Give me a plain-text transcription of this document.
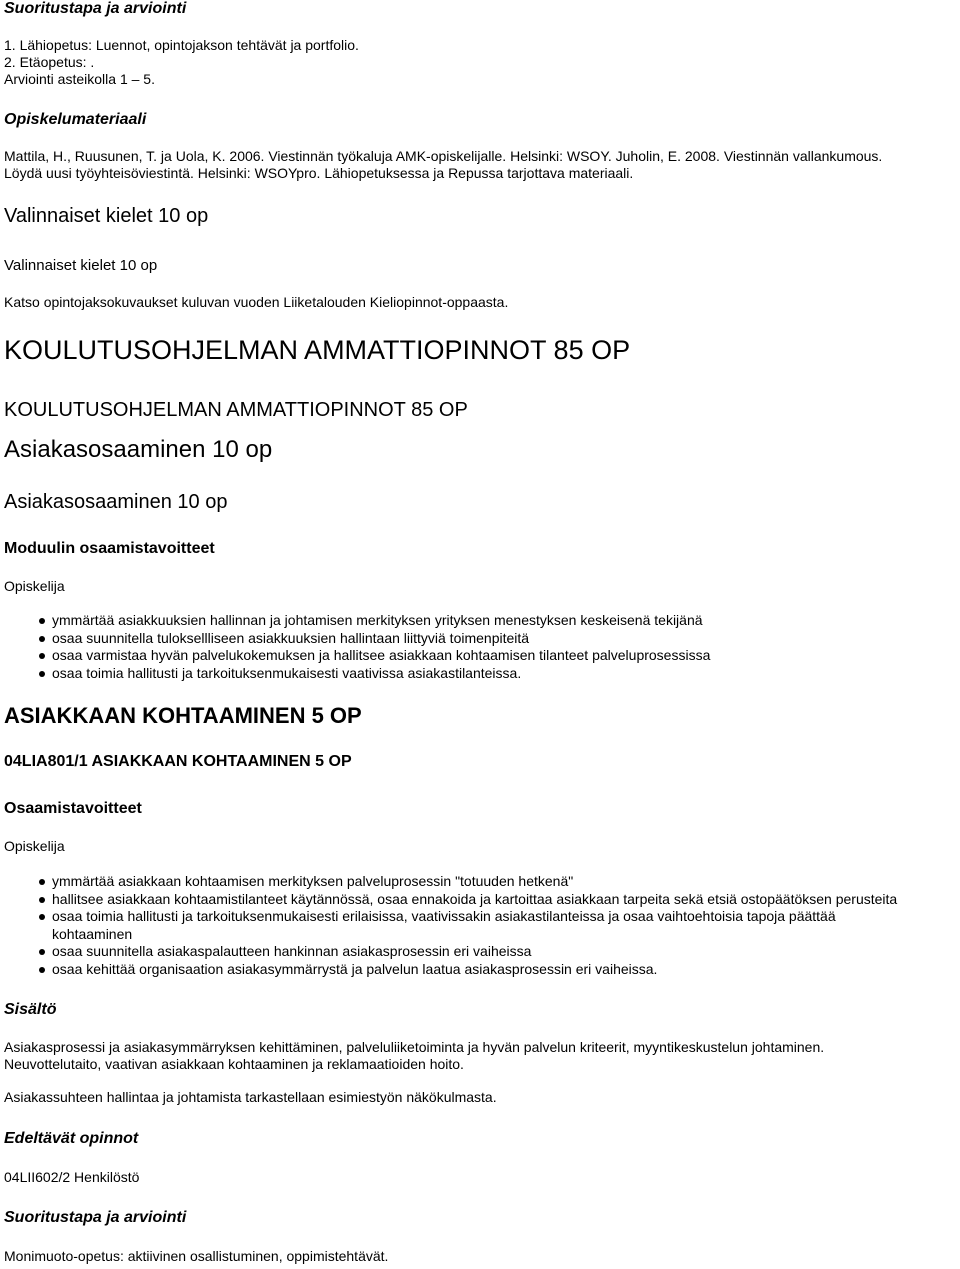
Suoritustapa ja arviointi
1. Lähiopetus: Luennot, opintojakson tehtävät ja portfolio.
2. Etäopetus: .
Arviointi asteikolla 1 – 5.
Opiskelumateriaali
Mattila, H., Ruusunen, T. ja Uola, K. 2006. Viestinnän työkaluja AMK-opiskelijalle. Helsinki: WSOY. Juholin, E. 2008. Viestinnän vallankumous.
Löydä uusi työyhteisöviestintä. Helsinki: WSOYpro. Lähiopetuksessa ja Repussa tarjottava materiaali.
Valinnaiset kielet 10 op
Valinnaiset kielet 10 op
Katso opintojaksokuvaukset kuluvan vuoden Liiketalouden Kieliopinnot-oppaasta.
KOULUTUSOHJELMAN AMMATTIOPINNOT 85 OP
KOULUTUSOHJELMAN AMMATTIOPINNOT 85 OP
Asiakasosaaminen 10 op
Asiakasosaaminen 10 op
Moduulin osaamistavoitteet
Opiskelija
ymmärtää asiakkuuksien hallinnan ja johtamisen merkityksen yrityksen menestyksen keskeisenä tekijänä
osaa suunnitella tuloksellliseen asiakkuuksien hallintaan liittyviä toimenpiteitä
osaa varmistaa hyvän palvelukokemuksen ja hallitsee asiakkaan kohtaamisen tilanteet palveluprosessissa
osaa toimia hallitusti ja tarkoituksenmukaisesti vaativissa asiakastilanteissa.
ASIAKKAAN KOHTAAMINEN 5 OP
04LIA801/1 ASIAKKAAN KOHTAAMINEN 5 OP
Osaamistavoitteet
Opiskelija
ymmärtää asiakkaan kohtaamisen merkityksen palveluprosessin "totuuden hetkenä"
hallitsee asiakkaan kohtaamistilanteet käytännössä, osaa ennakoida ja kartoittaa asiakkaan tarpeita sekä etsiä ostopäätöksen perusteita
osaa toimia hallitusti ja tarkoituksenmukaisesti erilaisissa, vaativissakin asiakastilanteissa ja osaa vaihtoehtoisia tapoja päättää
kohtaaminen
osaa suunnitella asiakaspalautteen hankinnan asiakasprosessin eri vaiheissa
osaa kehittää organisaation asiakasymmärrystä ja palvelun laatua asiakasprosessin eri vaiheissa.
Sisältö
Asiakasprosessi ja asiakasymmärryksen kehittäminen, palveluliiketoiminta ja hyvän palvelun kriteerit, myyntikeskustelun johtaminen.
Neuvottelutaito, vaativan asiakkaan kohtaaminen ja reklamaatioiden hoito.
Asiakassuhteen hallintaa ja johtamista tarkastellaan esimiestyön näkökulmasta.
Edeltävät opinnot
04LII602/2 Henkilöstö
Suoritustapa ja arviointi
Monimuoto-opetus: aktiivinen osallistuminen, oppimistehtävät.
